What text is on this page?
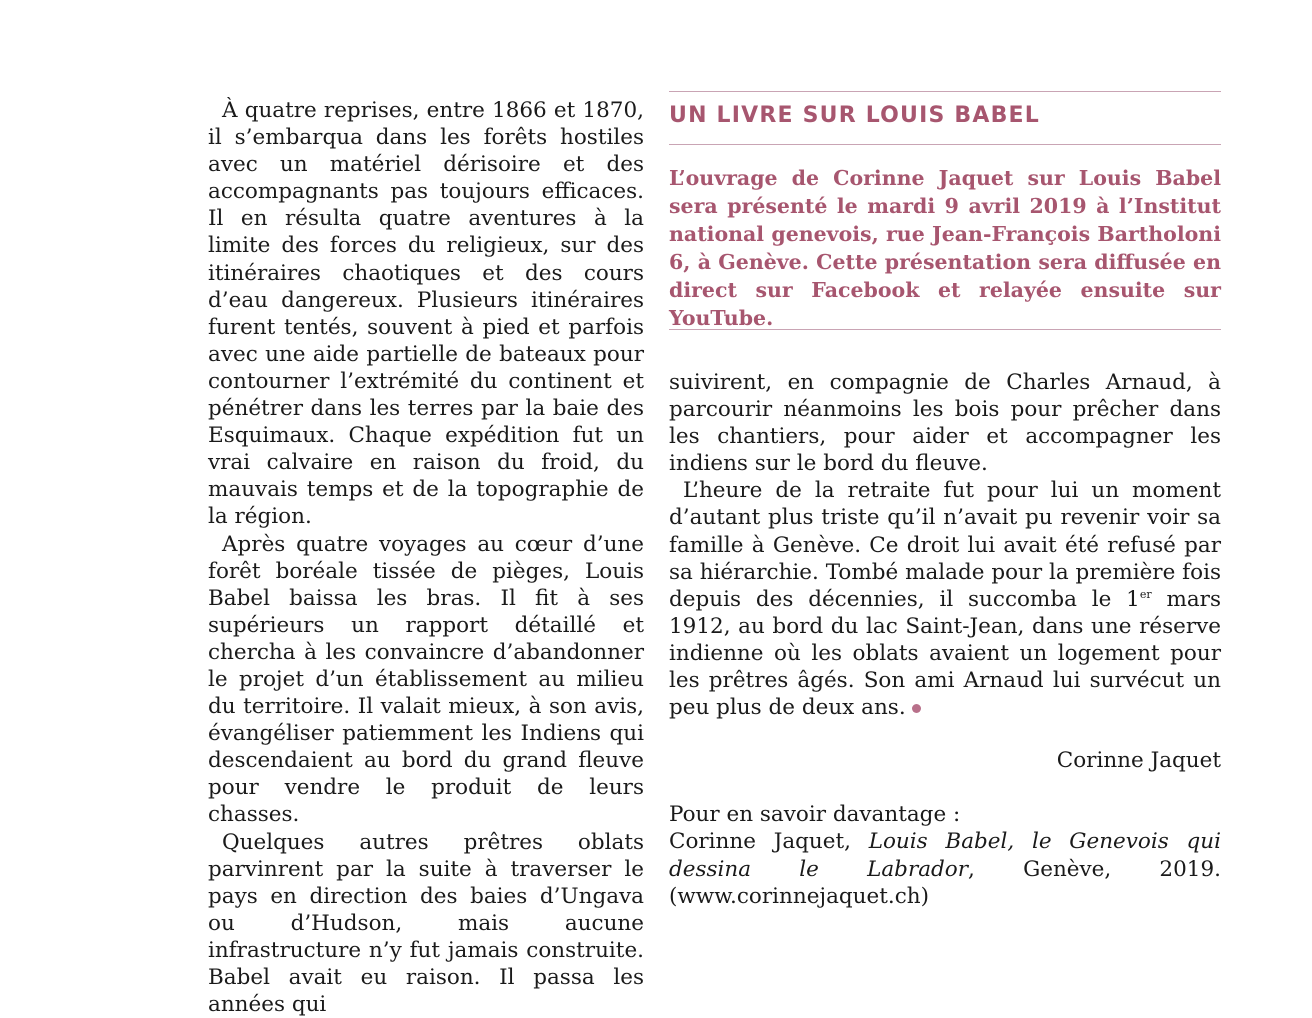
À quatre reprises, entre 1866 et 1870, il s’embarqua dans les forêts hostiles avec un matériel dérisoire et des accompagnants pas toujours efficaces. Il en résulta quatre aventures à la limite des forces du religieux, sur des itinéraires chaotiques et des cours d’eau dangereux. Plusieurs itinéraires furent tentés, souvent à pied et parfois avec une aide partielle de bateaux pour contourner l’extrémité du continent et pénétrer dans les terres par la baie des Esquimaux. Chaque expédition fut un vrai calvaire en raison du froid, du mauvais temps et de la topographie de la région.

Après quatre voyages au cœur d’une forêt boréale tissée de pièges, Louis Babel baissa les bras. Il fit à ses supérieurs un rapport détaillé et chercha à les convaincre d’abandonner le projet d’un établissement au milieu du territoire. Il valait mieux, à son avis, évangéliser patiemment les Indiens qui descendaient au bord du grand fleuve pour vendre le produit de leurs chasses.

Quelques autres prêtres oblats parvinrent par la suite à traverser le pays en direction des baies d’Ungava ou d’Hudson, mais aucune infrastructure n’y fut jamais construite. Babel avait eu raison. Il passa les années qui

UN LIVRE SUR LOUIS BABEL
L’ouvrage de Corinne Jaquet sur Louis Babel sera présenté le mardi 9 avril 2019 à l’Institut national genevois, rue Jean-François Bartholoni 6, à Genève. Cette présentation sera diffusée en direct sur Facebook et relayée ensuite sur YouTube.

suivirent, en compagnie de Charles Arnaud, à parcourir néanmoins les bois pour prêcher dans les chantiers, pour aider et accompagner les indiens sur le bord du fleuve.

L’heure de la retraite fut pour lui un moment d’autant plus triste qu’il n’avait pu revenir voir sa famille à Genève. Ce droit lui avait été refusé par sa hiérarchie. Tombé malade pour la première fois depuis des décennies, il succomba le 1er mars 1912, au bord du lac Saint-Jean, dans une réserve indienne où les oblats avaient un logement pour les prêtres âgés. Son ami Arnaud lui survécut un peu plus de deux ans.

Corinne Jaquet

Pour en savoir davantage :

Corinne Jaquet, Louis Babel, le Genevois qui dessina le Labrador, Genève, 2019. (www.corinnejaquet.ch)
